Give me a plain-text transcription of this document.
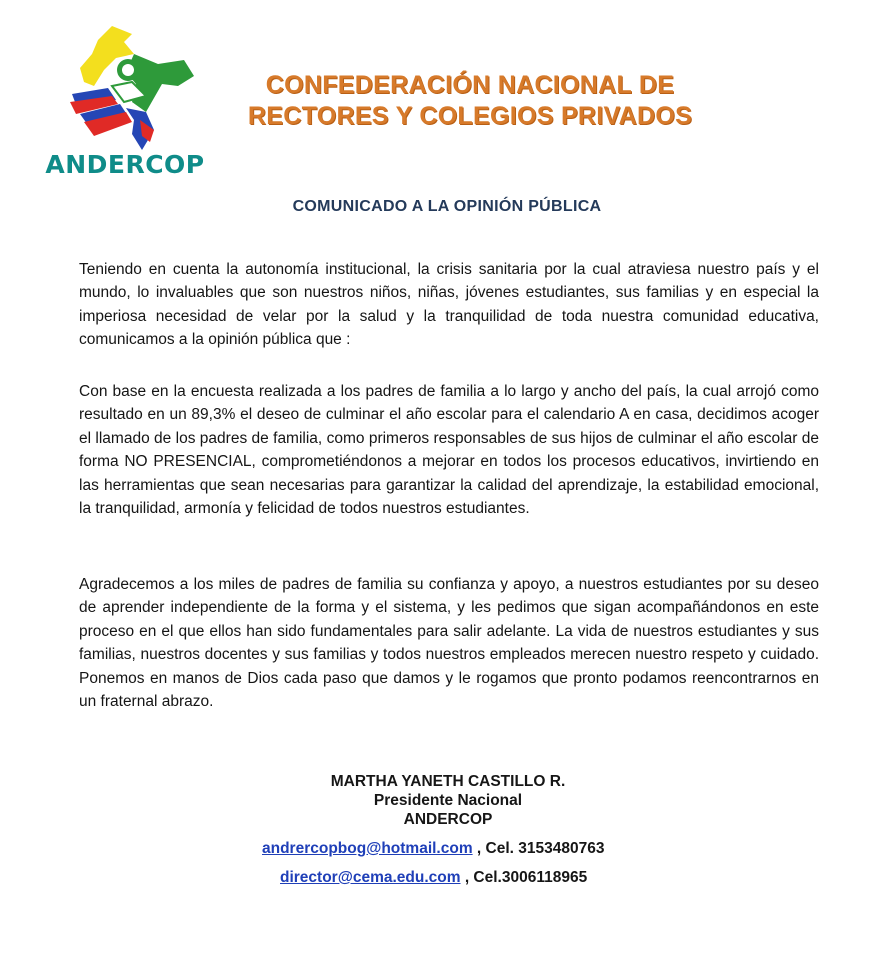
ANDERCOP
CONFEDERACIÓN NACIONAL DE
RECTORES Y COLEGIOS PRIVADOS
COMUNICADO A LA OPINIÓN PÚBLICA
Teniendo en cuenta la autonomía institucional, la crisis sanitaria por la cual atraviesa nuestro país y el mundo, lo invaluables que son nuestros niños, niñas, jóvenes estudiantes, sus familias y en especial la imperiosa necesidad de velar por la salud y la tranquilidad de toda nuestra comunidad educativa, comunicamos a la opinión pública que :
Con base en la encuesta realizada a los padres de familia a lo largo y ancho del país, la cual arrojó como resultado en un 89,3% el deseo de culminar el año escolar para el calendario A en casa, decidimos acoger el llamado de los padres de familia, como primeros responsables de sus hijos de culminar el año escolar de forma NO PRESENCIAL, comprometiéndonos a mejorar en todos los procesos educativos, invirtiendo en las herramientas que sean necesarias para garantizar la calidad del aprendizaje, la estabilidad emocional, la tranquilidad, armonía y felicidad de todos nuestros estudiantes.
Agradecemos a los miles de padres de familia su confianza y apoyo, a nuestros estudiantes por su deseo de aprender independiente de la forma y el sistema, y les pedimos que sigan acompañándonos en este proceso en el que ellos han sido fundamentales para salir adelante. La vida de nuestros estudiantes y sus familias, nuestros docentes y sus familias y todos nuestros empleados merecen nuestro respeto y cuidado. Ponemos en manos de Dios cada paso que damos y le rogamos que pronto podamos reencontrarnos en un fraternal abrazo.
MARTHA YANETH CASTILLO R.
Presidente Nacional
ANDERCOP
andrercopbog@hotmail.com , Cel. 3153480763
director@cema.edu.com , Cel.3006118965
